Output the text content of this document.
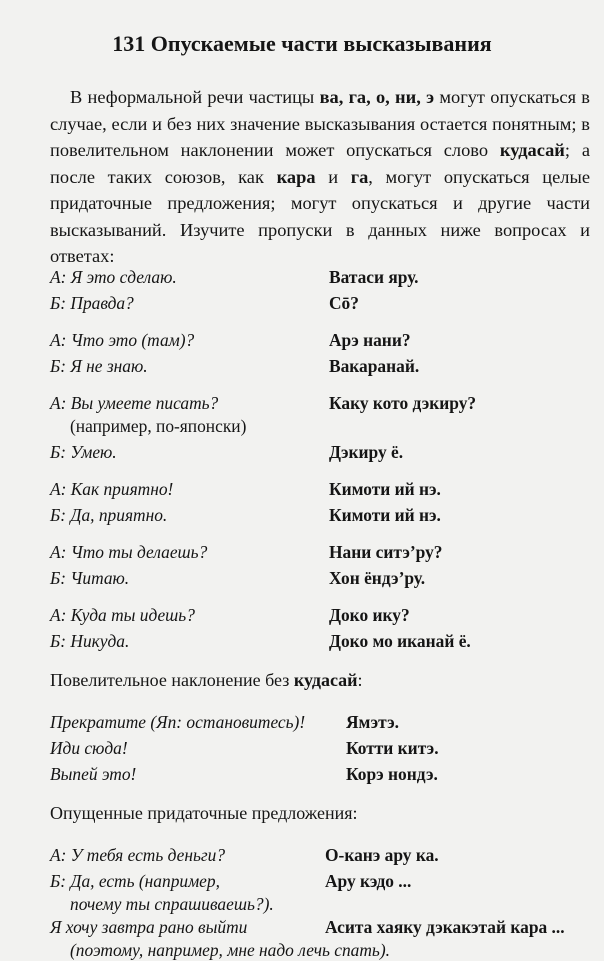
131 Опускаемые части высказывания

В неформальной речи частицы ва, га, о, ни, э могут опускаться в случае, если и без них значение высказывания остается понятным; в повелительном наклонении может опускаться слово кудасай; а после таких союзов, как кара и га, могут опускаться целые придаточные предложения; могут опускаться и другие части высказываний. Изучите пропуски в данных ниже вопросах и ответах:

А: Я это сделаю.	Ватаси яру.
Б: Правда?	Сō?
А: Что это (там)?	Арэ нани?
Б: Я не знаю.	Вакаранай.
А: Вы умеете писать?	Каку кото дэкиру?
(например, по-японски)
Б: Умею.	Дэкиру ё.
А: Как приятно!	Кимоти ий нэ.
Б: Да, приятно.	Кимоти ий нэ.
А: Что ты делаешь?	Нани ситэ’ру?
Б: Читаю.	Хон ёндэ’ру.
А: Куда ты идешь?	Доко ику?
Б: Никуда.	Доко мо иканай ё.
Повелительное наклонение без кудасай:
Прекратите (Яп: остановитесь)! Ямэтэ.
Иди сюда!	Котти китэ.
Выпей это!	Корэ нондэ.
Опущенные придаточные предложения:
А: У тебя есть деньги?	О-канэ ару ка.
Б: Да, есть (например,	Ару кэдо ...
почему ты спрашиваешь?).
Я хочу завтра рано выйти	Асита хаяку дэкакэтай кара ...
(поэтому, например, мне надо лечь спать).
